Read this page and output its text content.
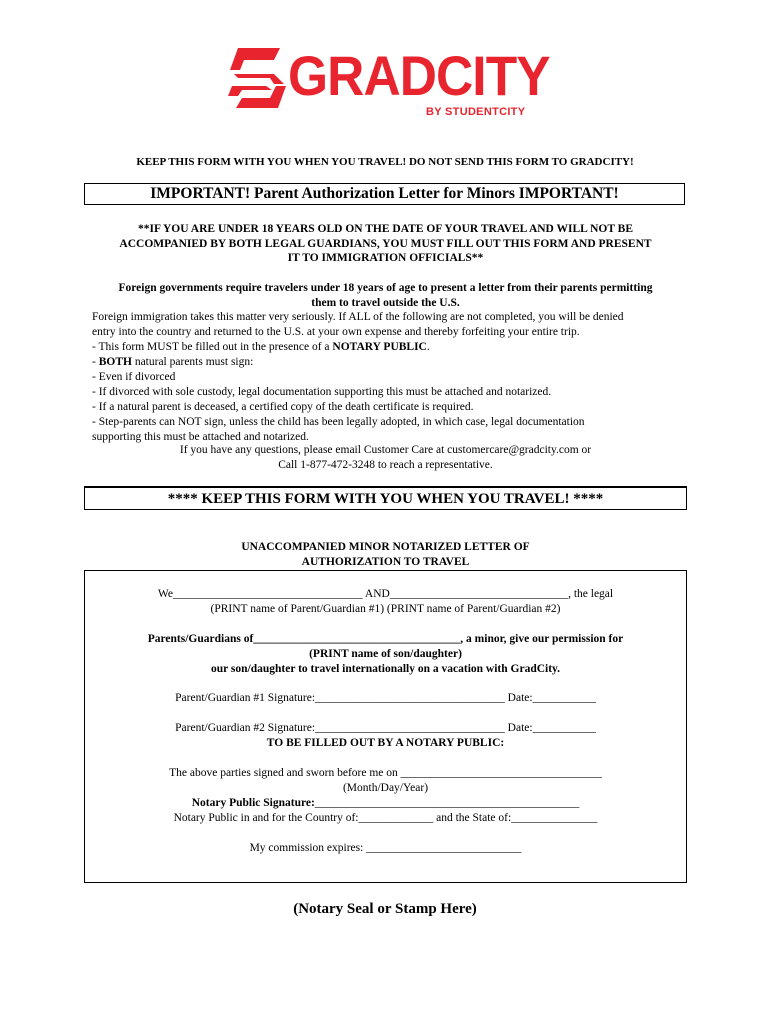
GRADCITY
BY STUDENTCITY
KEEP THIS FORM WITH YOU WHEN YOU TRAVEL! DO NOT SEND THIS FORM TO GRADCITY!
IMPORTANT! Parent Authorization Letter for Minors IMPORTANT!
**IF YOU ARE UNDER 18 YEARS OLD ON THE DATE OF YOUR TRAVEL AND WILL NOT BE
ACCOMPANIED BY BOTH LEGAL GUARDIANS, YOU MUST FILL OUT THIS FORM AND PRESENT
IT TO IMMIGRATION OFFICIALS**
Foreign governments require travelers under 18 years of age to present a letter from their parents permitting
them to travel outside the U.S.
Foreign immigration takes this matter very seriously. If ALL of the following are not completed, you will be denied
entry into the country and returned to the U.S. at your own expense and thereby forfeiting your entire trip.
- This form MUST be filled out in the presence of a NOTARY PUBLIC.
- BOTH natural parents must sign:
- Even if divorced
- If divorced with sole custody, legal documentation supporting this must be attached and notarized.
- If a natural parent is deceased, a certified copy of the death certificate is required.
- Step-parents can NOT sign, unless the child has been legally adopted, in which case, legal documentation
supporting this must be attached and notarized.
If you have any questions, please email Customer Care at customercare@gradcity.com or
Call 1-877-472-3248 to reach a representative.
**** KEEP THIS FORM WITH YOU WHEN YOU TRAVEL! ****
UNACCOMPANIED MINOR NOTARIZED LETTER OF
AUTHORIZATION TO TRAVEL
We_________________________________ AND_______________________________, the legal
(PRINT name of Parent/Guardian #1) (PRINT name of Parent/Guardian #2)
Parents/Guardians of____________________________________, a minor, give our permission for
(PRINT name of son/daughter)
our son/daughter to travel internationally on a vacation with GradCity.
Parent/Guardian #1 Signature:_________________________________ Date:___________
Parent/Guardian #2 Signature:_________________________________ Date:___________
TO BE FILLED OUT BY A NOTARY PUBLIC:
The above parties signed and sworn before me on ___________________________________
(Month/Day/Year)
Notary Public Signature:______________________________________________
Notary Public in and for the Country of:_____________ and the State of:_______________
My commission expires: ___________________________
(Notary Seal or Stamp Here)
